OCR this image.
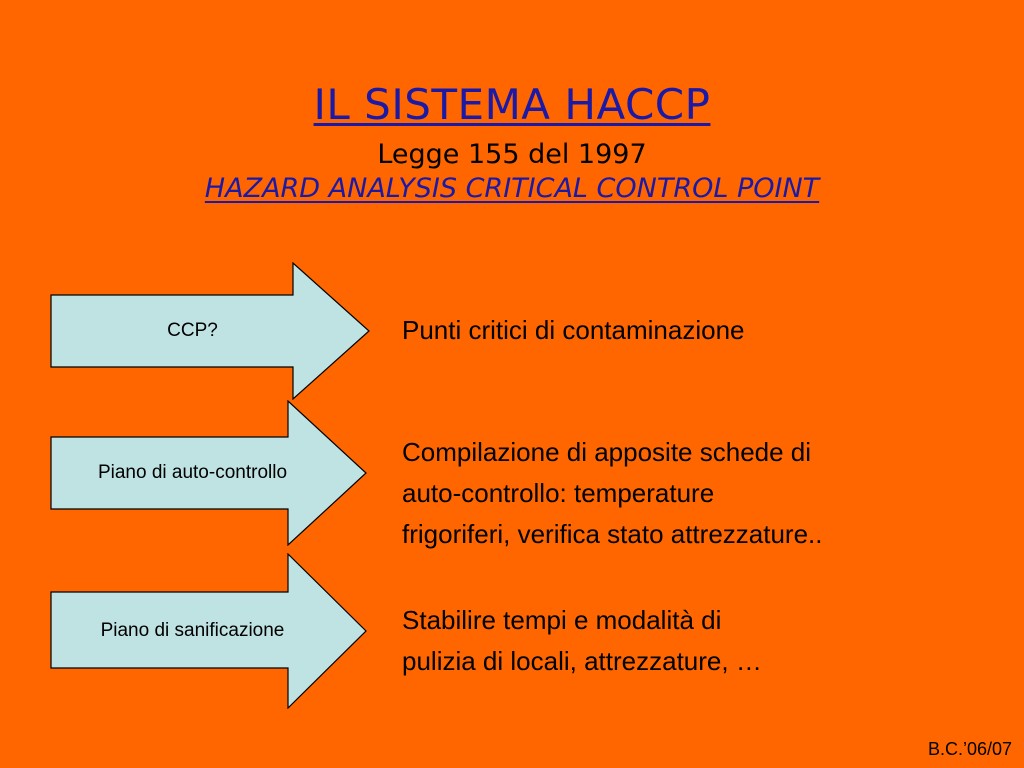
IL SISTEMA HACCP
Legge 155 del 1997
HAZARD ANALYSIS CRITICAL CONTROL POINT
CCP?	Punti critici di contaminazione
Piano di auto-controllo
Compilazione di apposite schede di
auto-controllo: temperature
frigoriferi, verifica stato attrezzature..
Piano di sanificazione	Stabilire tempi e modalità di
pulizia di locali, attrezzature, …
B.C.’06/07
